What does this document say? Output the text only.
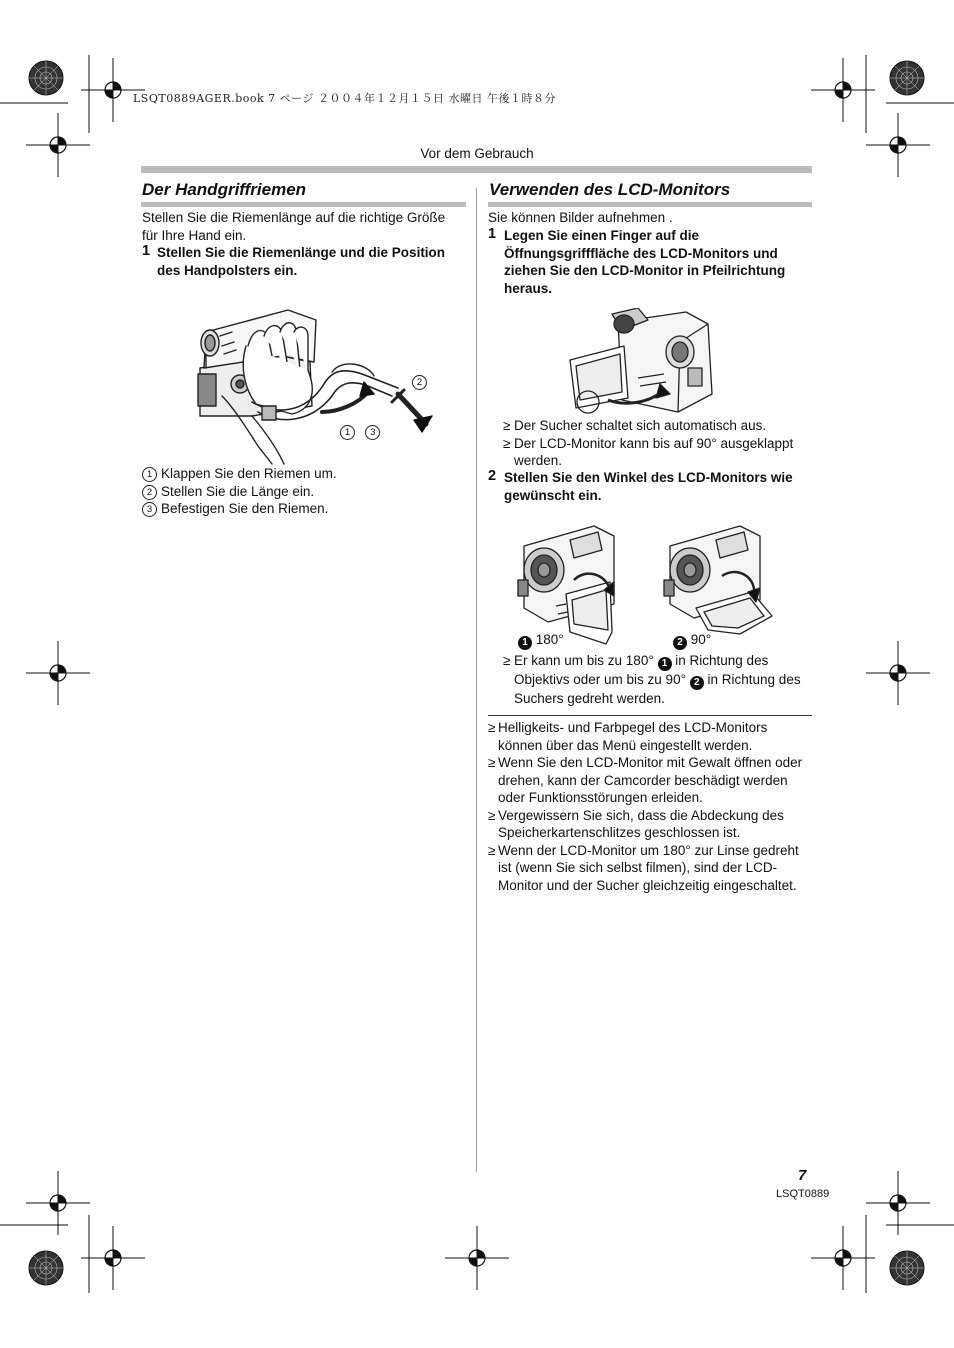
LSQT0889AGER.book 7 ページ ２００４年１２月１５日 水曜日 午後１時８分
Vor dem Gebrauch
Der Handgriffriemen
Stellen Sie die Riemenlänge auf die richtige Größe für Ihre Hand ein.
1 Stellen Sie die Riemenlänge und die Position des Handpolsters ein.
2
1 3
1 Klappen Sie den Riemen um.
2 Stellen Sie die Länge ein.
3 Befestigen Sie den Riemen.
Verwenden des LCD-Monitors
Sie können Bilder aufnehmen .
1 Legen Sie einen Finger auf die Öffnungsgrifffläche des LCD-Monitors und ziehen Sie den LCD-Monitor in Pfeilrichtung heraus.
≥ Der Sucher schaltet sich automatisch aus.
≥ Der LCD-Monitor kann bis auf 90° ausgeklappt werden.
2 Stellen Sie den Winkel des LCD-Monitors wie gewünscht ein.
1 180°	2 90°
≥ Er kann um bis zu 180° 1 in Richtung des Objektivs oder um bis zu 90° 2 in Richtung des Suchers gedreht werden.
≥ Helligkeits- und Farbpegel des LCD-Monitors können über das Menü eingestellt werden.
≥ Wenn Sie den LCD-Monitor mit Gewalt öffnen oder drehen, kann der Camcorder beschädigt werden oder Funktionsstörungen erleiden.
≥ Vergewissern Sie sich, dass die Abdeckung des Speicherkartenschlitzes geschlossen ist.
≥ Wenn der LCD-Monitor um 180° zur Linse gedreht ist (wenn Sie sich selbst filmen), sind der LCD-Monitor und der Sucher gleichzeitig eingeschaltet.
7
LSQT0889
